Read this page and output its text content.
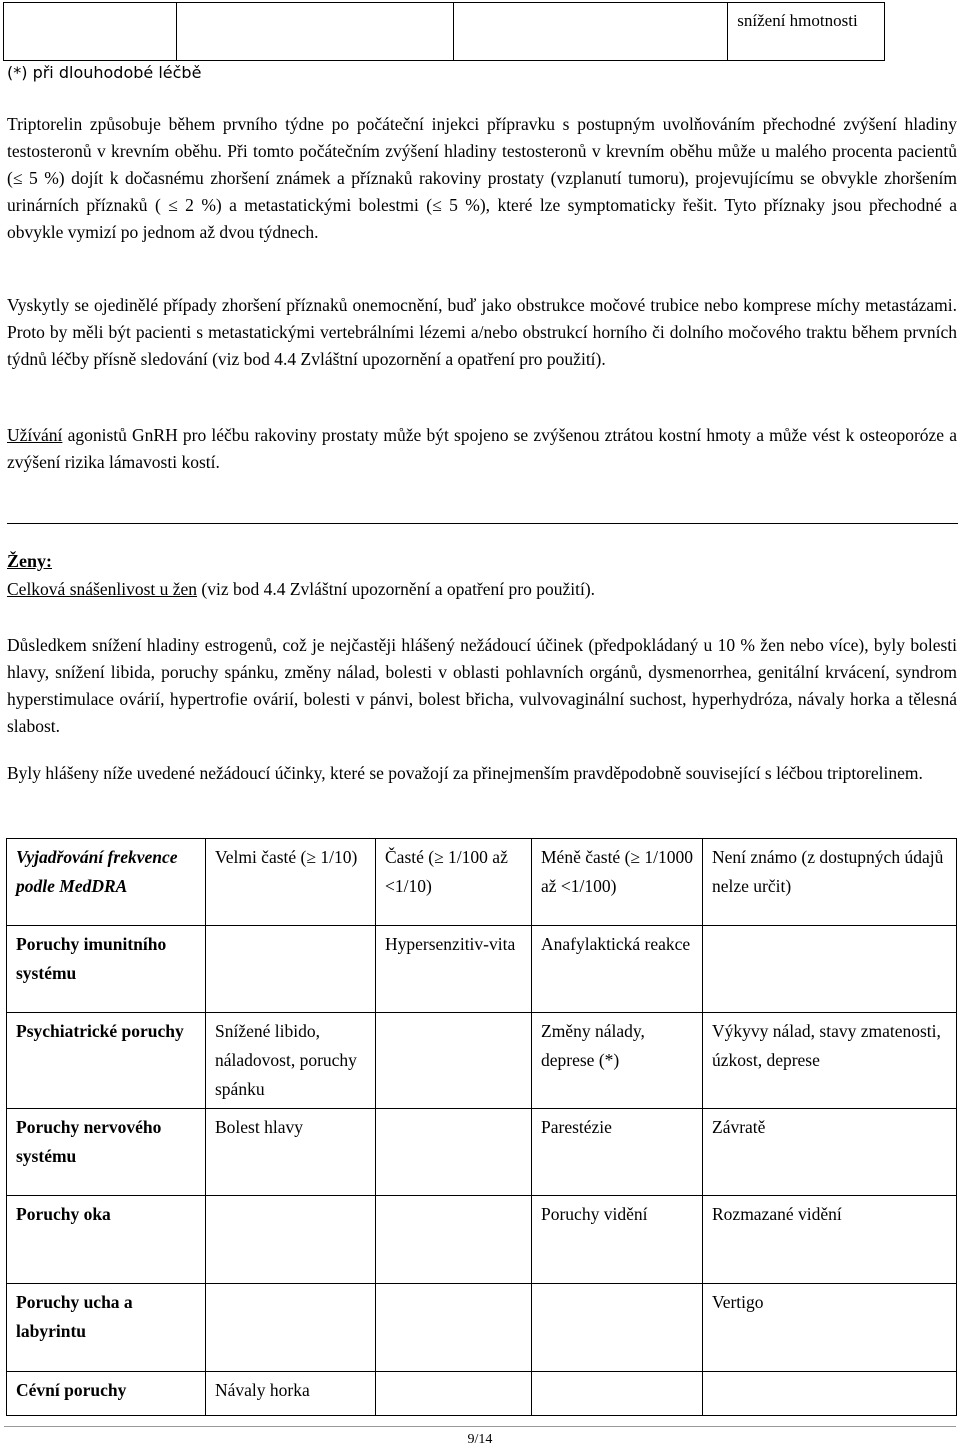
			snížení hmotnosti
(*) při dlouhodobé léčbě

Triptorelin způsobuje během prvního týdne po počáteční injekci přípravku s postupným uvolňováním přechodné zvýšení hladiny testosteronů v krevním oběhu. Při tomto počátečním zvýšení hladiny testosteronů v krevním oběhu může u malého procenta pacientů (≤ 5 %) dojít k dočasnému zhoršení známek a příznaků rakoviny prostaty (vzplanutí tumoru), projevujícímu se obvykle zhoršením urinárních příznaků ( ≤ 2 %) a metastatickými bolestmi (≤ 5 %), které lze symptomaticky řešit. Tyto příznaky jsou přechodné a obvykle vymizí po jednom až dvou týdnech.

Vyskytly se ojedinělé případy zhoršení příznaků onemocnění, buď jako obstrukce močové trubice nebo komprese míchy metastázami. Proto by měli být pacienti s metastatickými vertebrálními lézemi a/nebo obstrukcí horního či dolního močového traktu během prvních týdnů léčby přísně sledování (viz bod 4.4 Zvláštní upozornění a opatření pro použití).

Užívání agonistů GnRH pro léčbu rakoviny prostaty může být spojeno se zvýšenou ztrátou kostní hmoty a může vést k osteoporóze a zvýšení rizika lámavosti kostí.

Ženy:
Celková snášenlivost u žen (viz bod 4.4 Zvláštní upozornění a opatření pro použití).

Důsledkem snížení hladiny estrogenů, což je nejčastěji hlášený nežádoucí účinek (předpokládaný u 10 % žen nebo více), byly bolesti hlavy, snížení libida, poruchy spánku, změny nálad, bolesti v oblasti pohlavních orgánů, dysmenorrhea, genitální krvácení, syndrom hyperstimulace ovárií, hypertrofie ovárií, bolesti v pánvi, bolest břicha, vulvovaginální suchost, hyperhydróza, návaly horka a tělesná slabost.

Byly hlášeny níže uvedené nežádoucí účinky, které se považojí za přinejmenším pravděpodobně související s léčbou triptorelinem.

Vyjadřování frekvence podle MedDRA	Velmi časté (≥ 1/10)	Časté (≥ 1/100 až <1/10)	Méně časté (≥ 1/1000 až <1/100)	Není známo (z dostupných údajů nelze určit)
Poruchy imunitního systému		Hypersenzitiv-vita	Anafylaktická reakce	
Psychiatrické poruchy	Snížené libido, náladovost, poruchy spánku		Změny nálady, deprese (*)	Výkyvy nálad, stavy zmatenosti, úzkost, deprese
Poruchy nervového systému	Bolest hlavy		Parestézie	Závratě
Poruchy oka			Poruchy vidění	Rozmazané vidění
Poruchy ucha a labyrintu				Vertigo
Cévní poruchy	Návaly horka			
9/14
